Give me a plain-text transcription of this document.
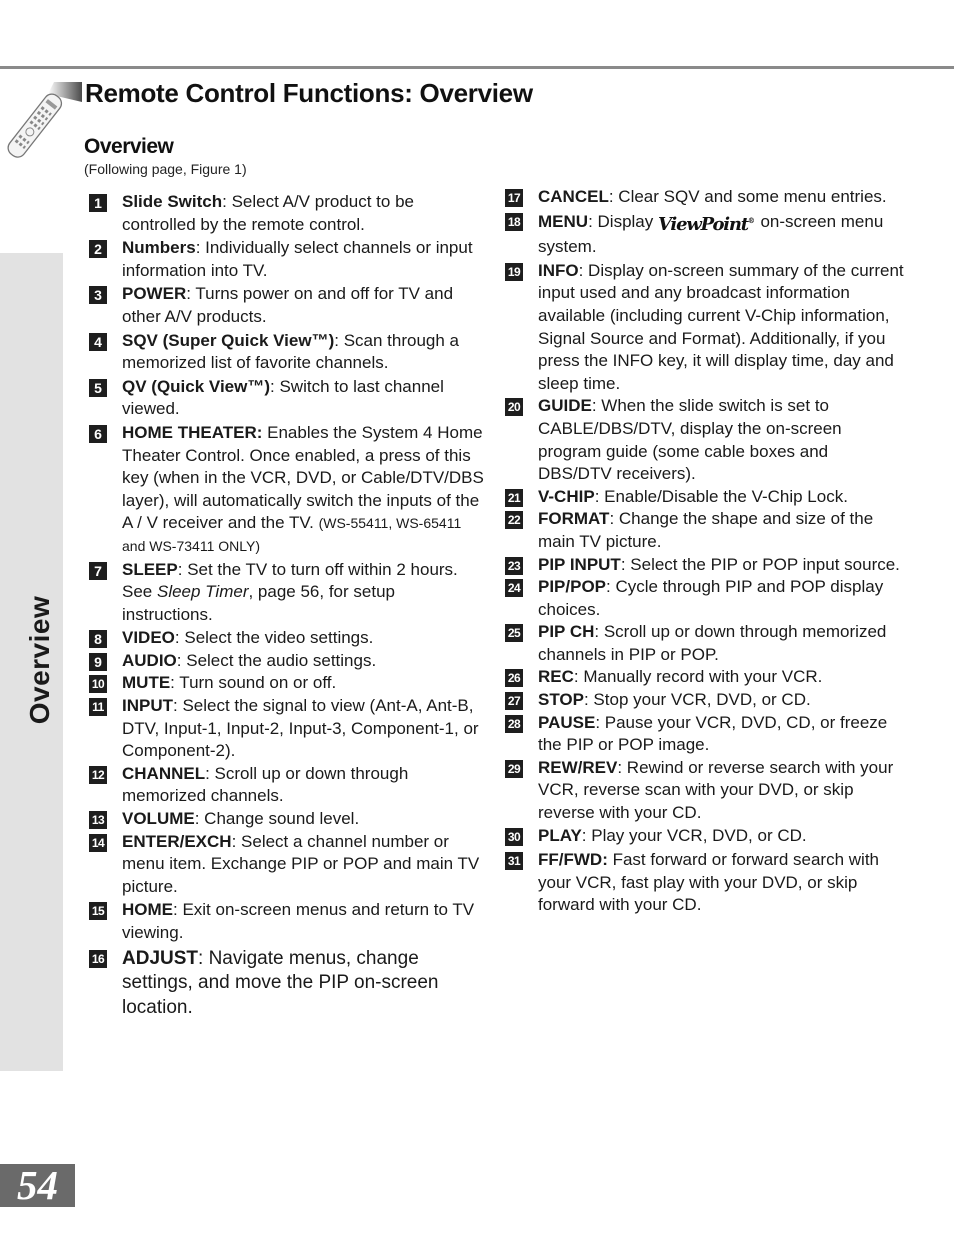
Remote Control Functions: Overview
Overview
(Following page, Figure 1)
Overview
1	Slide Switch: Select A/V product to be controlled by the remote control.
2	Numbers: Individually select channels or input information into TV.
3	POWER: Turns power on and off for TV and other A/V products.
4	SQV (Super Quick View™): Scan through a memorized list of favorite channels.
5	QV (Quick View™): Switch to last channel viewed.
6	HOME THEATER: Enables the System 4 Home Theater Control. Once enabled, a press of this key (when in the VCR, DVD, or Cable/DTV/DBS layer), will automatically switch the inputs of the A / V receiver and the TV. (WS-55411, WS-65411 and WS-73411 ONLY)
7	SLEEP: Set the TV to turn off within 2 hours. See Sleep Timer, page 56, for setup instructions.
8	VIDEO: Select the video settings.
9	AUDIO: Select the audio settings.
10 MUTE: Turn sound on or off.
11 INPUT: Select the signal to view (Ant-A, Ant-B, DTV, Input-1, Input-2, Input-3, Component-1, or Component-2).
12 CHANNEL: Scroll up or down through memorized channels.
13 VOLUME: Change sound level.
14 ENTER/EXCH: Select a channel number or menu item. Exchange PIP or POP and main TV picture.
15 HOME: Exit on-screen menus and return to TV viewing.
16 ADJUST: Navigate menus, change settings, and move the PIP on-screen location.
17 CANCEL: Clear SQV and some menu entries.
18 MENU: Display ViewPoint® on-screen menu system.
19 INFO: Display on-screen summary of the current input used and any broadcast information available (including current V-Chip information, Signal Source and Format). Additionally, if you press the INFO key, it will display time, day and sleep time.
20 GUIDE: When the slide switch is set to CABLE/DBS/DTV, display the on-screen program guide (some cable boxes and DBS/DTV receivers).
21 V-CHIP: Enable/Disable the V-Chip Lock.
22 FORMAT: Change the shape and size of the main TV picture.
23 PIP INPUT: Select the PIP or POP input source.
24 PIP/POP: Cycle through PIP and POP display choices.
25 PIP CH: Scroll up or down through memorized channels in PIP or POP.
26 REC: Manually record with your VCR.
27 STOP: Stop your VCR, DVD, or CD.
28 PAUSE: Pause your VCR, DVD, CD, or freeze the PIP or POP image.
29 REW/REV: Rewind or reverse search with your VCR, reverse scan with your DVD, or skip reverse with your CD.
30 PLAY: Play your VCR, DVD, or CD.
31 FF/FWD: Fast forward or forward search with your VCR, fast play with your DVD, or skip forward with your CD.
54
